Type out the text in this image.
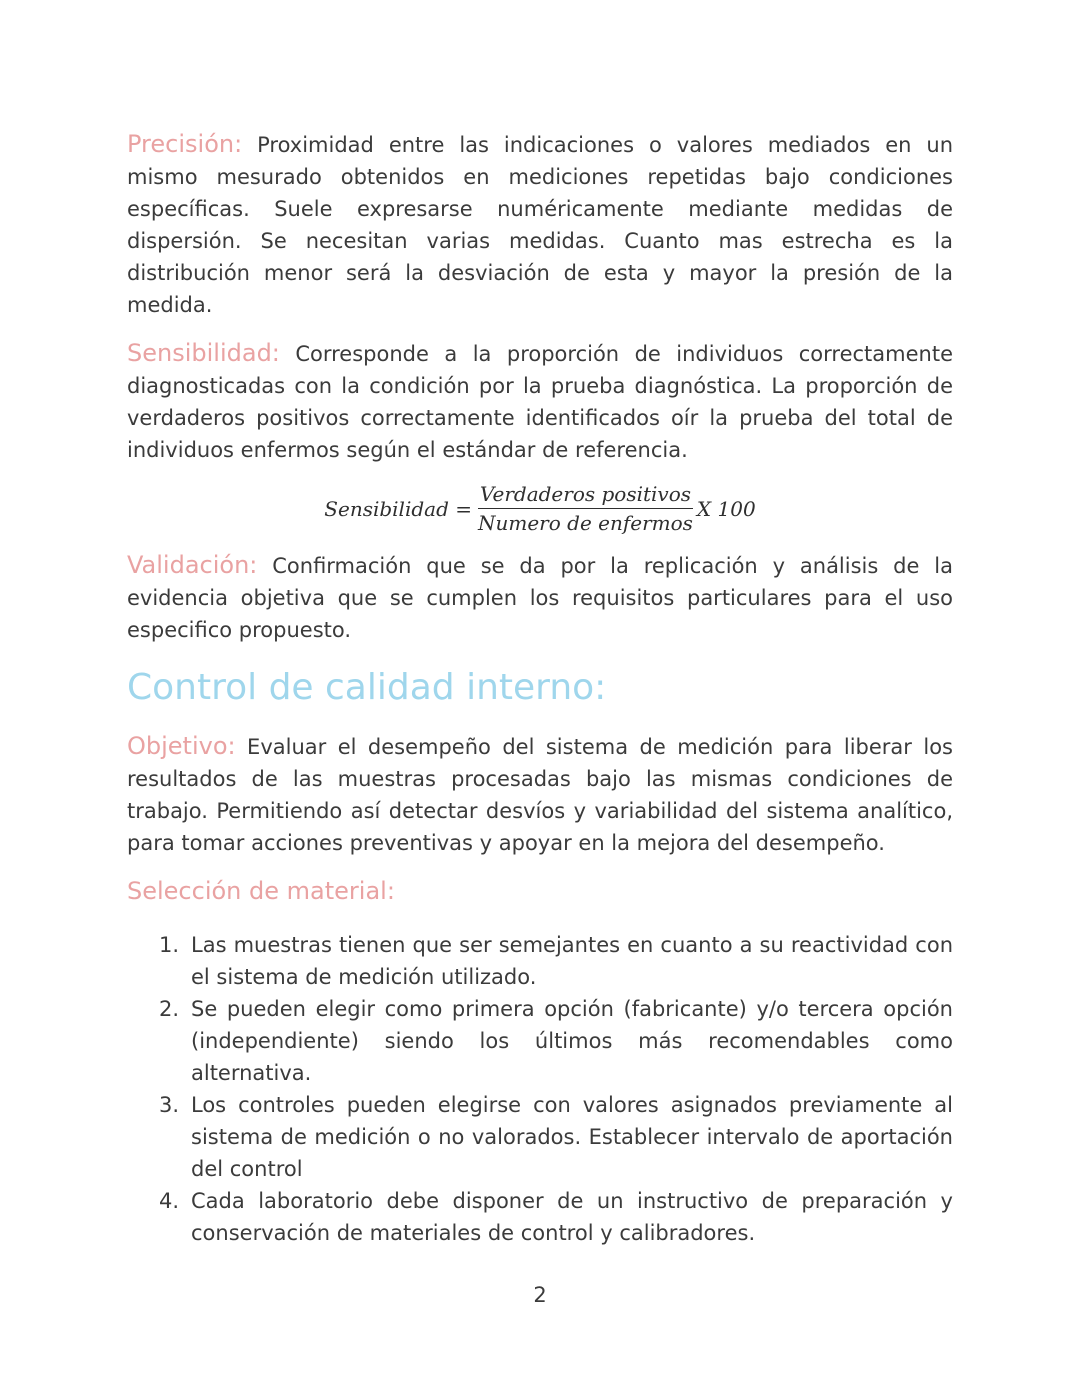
Precisión: Proximidad entre las indicaciones o valores mediados en un mismo mesurado obtenidos en mediciones repetidas bajo condiciones específicas. Suele expresarse numéricamente mediante medidas de dispersión. Se necesitan varias medidas. Cuanto mas estrecha es la distribución menor será la desviación de esta y mayor la presión de la medida.

Sensibilidad: Corresponde a la proporción de individuos correctamente diagnosticadas con la condición por la prueba diagnóstica. La proporción de verdaderos positivos correctamente identificados oír la prueba del total de individuos enfermos según el estándar de referencia.

Sensibilidad = $\frac{\text{Verdaderos positivos}}{\text{Numero de enfermos}}$ X 100

Validación: Confirmación que se da por la replicación y análisis de la evidencia objetiva que se cumplen los requisitos particulares para el uso especifico propuesto.

Control de calidad interno:

Objetivo: Evaluar el desempeño del sistema de medición para liberar los resultados de las muestras procesadas bajo las mismas condiciones de trabajo. Permitiendo así detectar desvíos y variabilidad del sistema analítico, para tomar acciones preventivas y apoyar en la mejora del desempeño.

Selección de material:
1. Las muestras tienen que ser semejantes en cuanto a su reactividad con el sistema de medición utilizado.
2. Se pueden elegir como primera opción (fabricante) y/o tercera opción (independiente) siendo los últimos más recomendables como alternativa.
3. Los controles pueden elegirse con valores asignados previamente al sistema de medición o no valorados. Establecer intervalo de aportación del control
4. Cada laboratorio debe disponer de un instructivo de preparación y conservación de materiales de control y calibradores.
2
